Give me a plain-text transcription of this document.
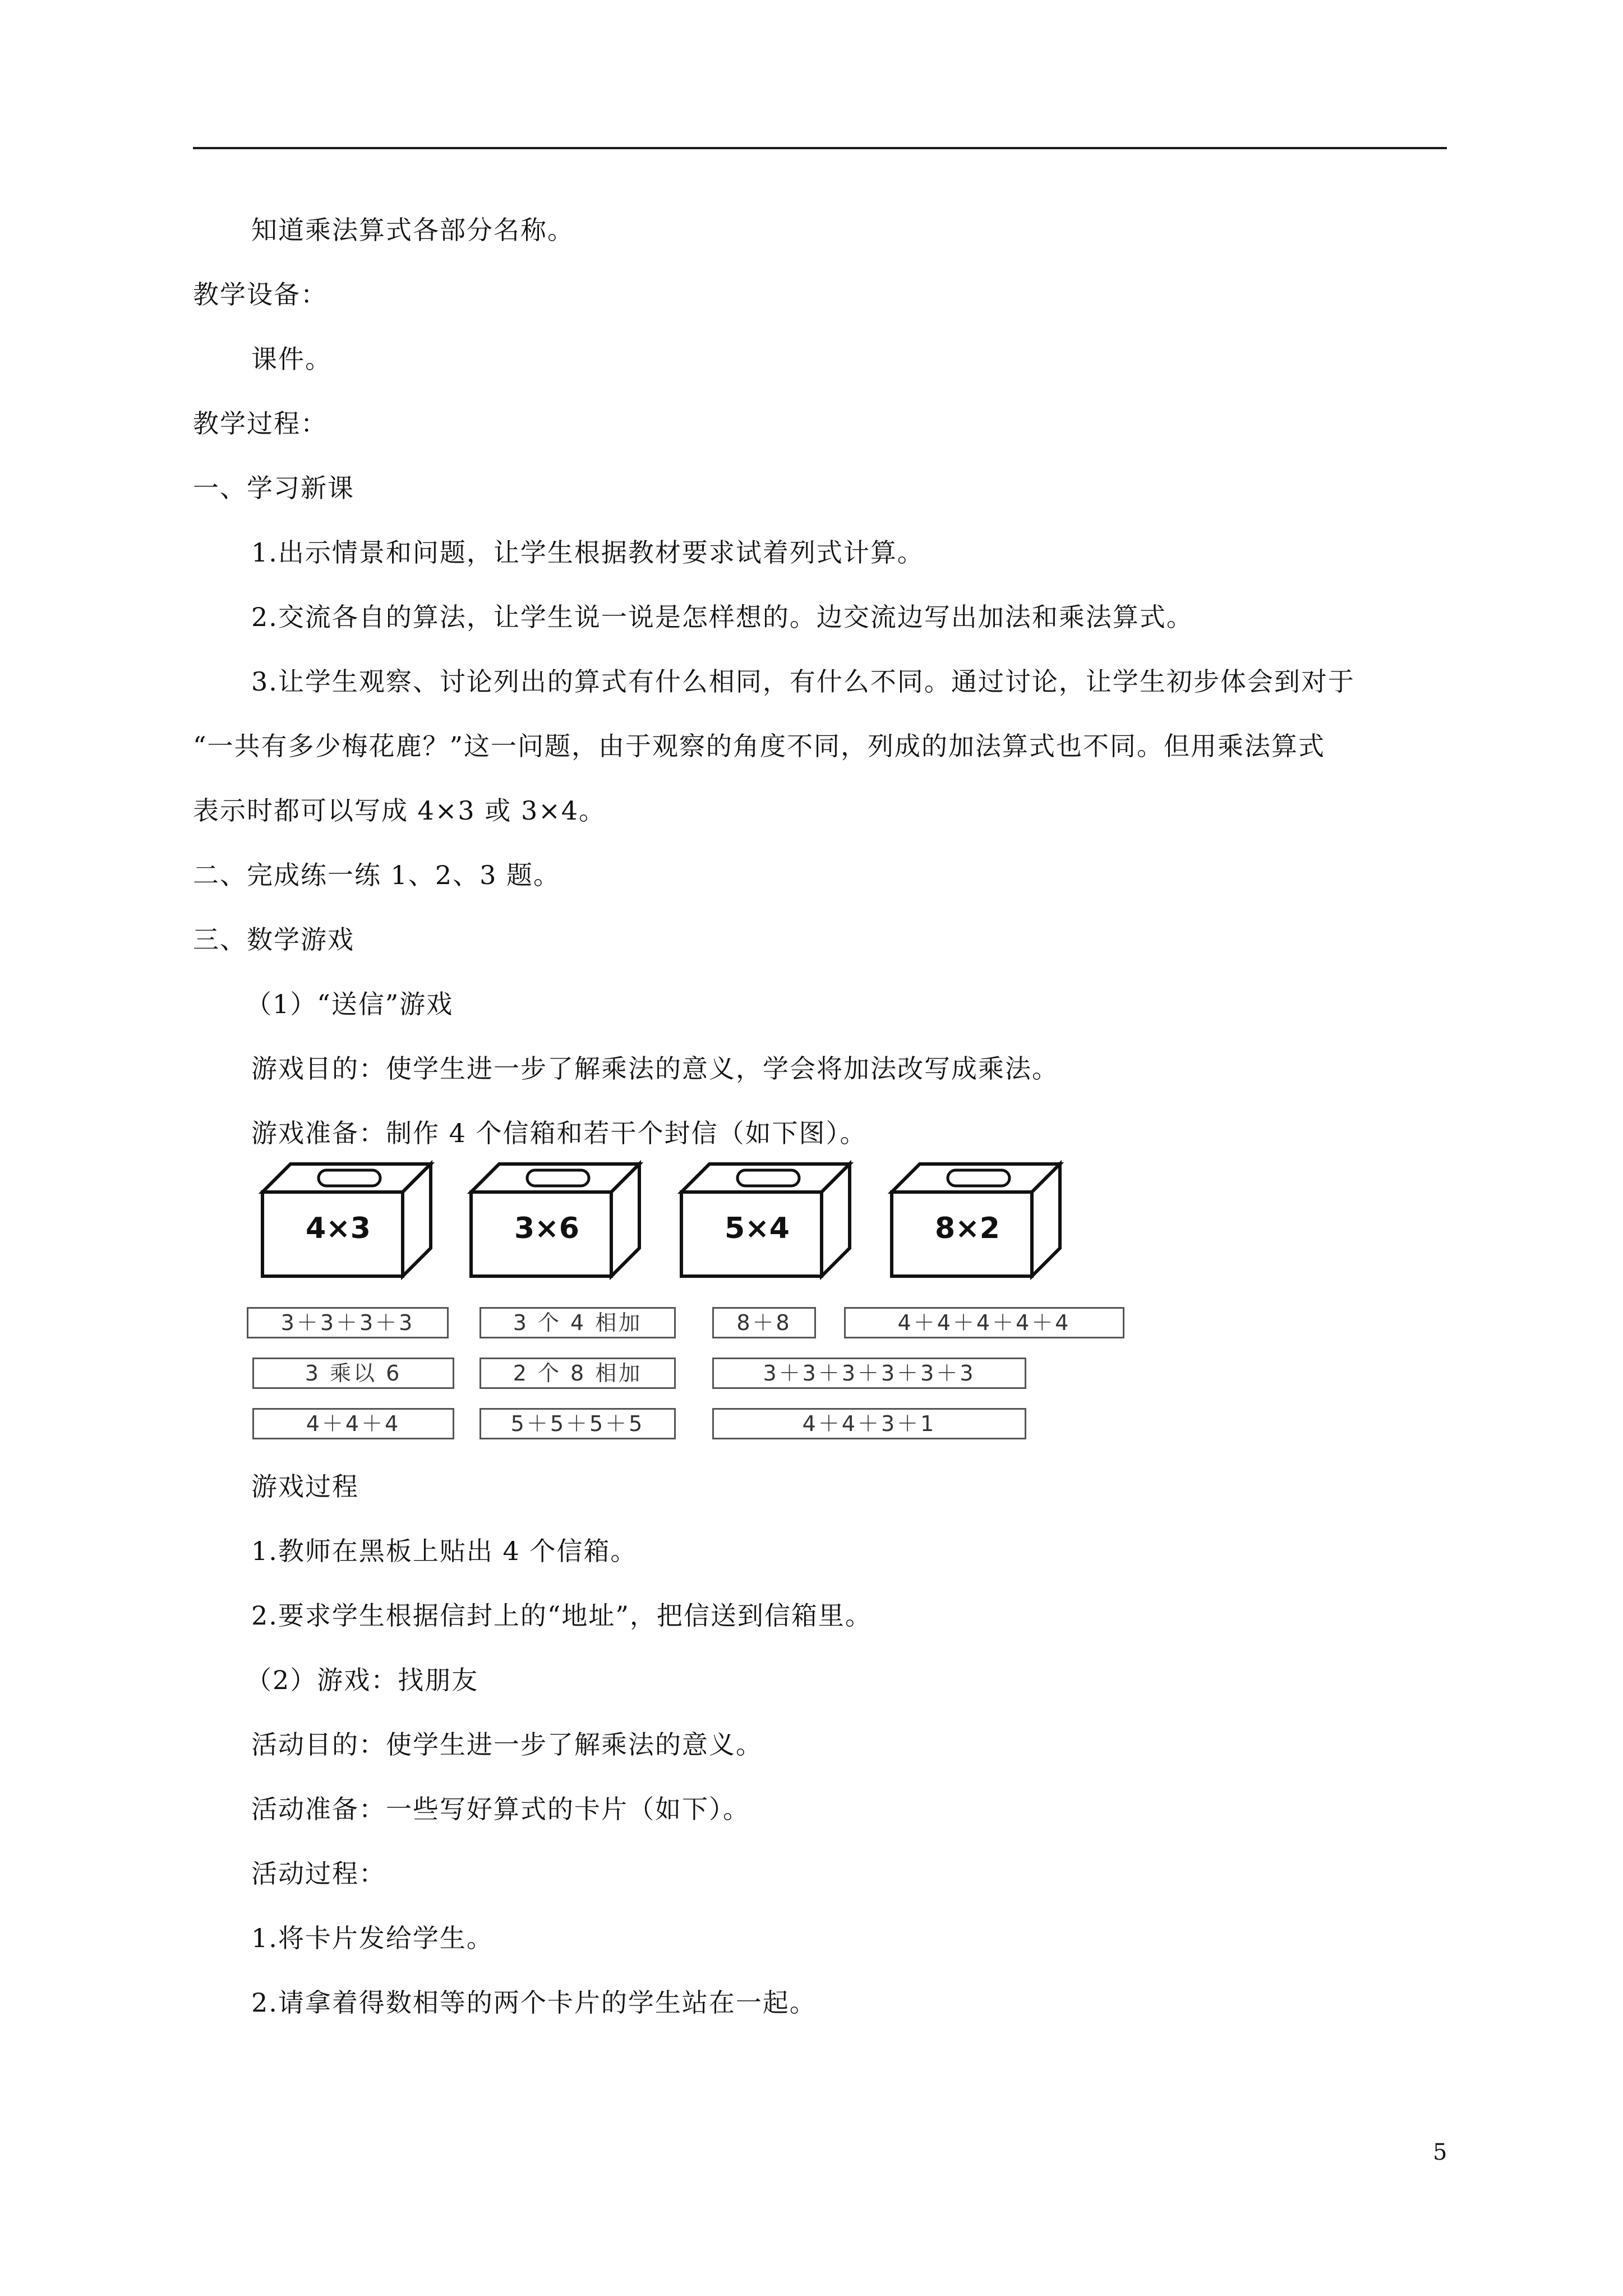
知道乘法算式各部分名称。
教学设备：
课件。
教学过程：
一、学习新课
1.出示情景和问题，让学生根据教材要求试着列式计算。
2.交流各自的算法，让学生说一说是怎样想的。边交流边写出加法和乘法算式。
3.让学生观察、讨论列出的算式有什么相同，有什么不同。通过讨论，让学生初步体会到对于
“一共有多少梅花鹿？”这一问题，由于观察的角度不同，列成的加法算式也不同。但用乘法算式
表示时都可以写成 4×3 或 3×4。
二、完成练一练 1、2、3 题。
三、数学游戏
（1）“送信”游戏
游戏目的：使学生进一步了解乘法的意义，学会将加法改写成乘法。
游戏准备：制作 4 个信箱和若干个封信（如下图）。
4×3	3×6	5×4	8×2
3＋3＋3＋3	3 个 4 相加	8＋8	4＋4＋4＋4＋4
3 乘以 6	2 个 8 相加	3＋3＋3＋3＋3＋3
4＋4＋4	5＋5＋5＋5	4＋4＋3＋1
游戏过程
1.教师在黑板上贴出 4 个信箱。
2.要求学生根据信封上的“地址”，把信送到信箱里。
（2）游戏：找朋友
活动目的：使学生进一步了解乘法的意义。
活动准备：一些写好算式的卡片（如下）。
活动过程：
1.将卡片发给学生。
2.请拿着得数相等的两个卡片的学生站在一起。
5
